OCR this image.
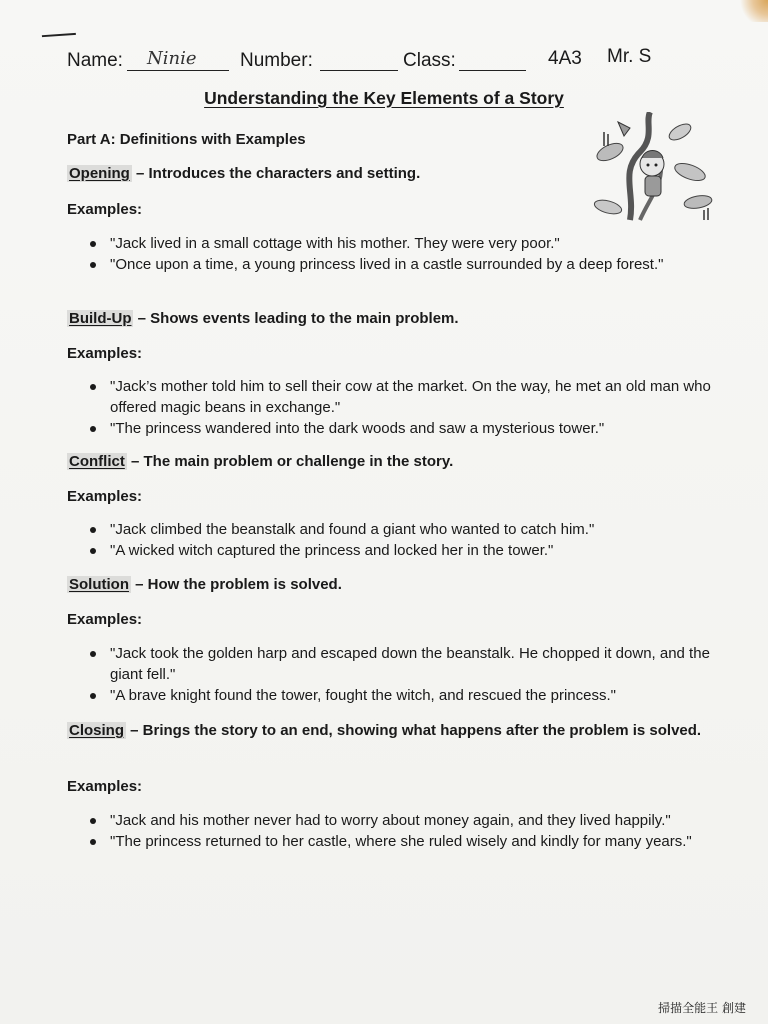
Name: Ninie Number:	Class:	4A3 Mr. S
Understanding the Key Elements of a Story
Part A: Definitions with Examples
Opening – Introduces the characters and setting.
Examples:
"Jack lived in a small cottage with his mother. They were very poor."
"Once upon a time, a young princess lived in a castle surrounded by a deep forest."
Build-Up – Shows events leading to the main problem.
Examples:
"Jack’s mother told him to sell their cow at the market. On the way, he met an old man who offered magic beans in exchange."
"The princess wandered into the dark woods and saw a mysterious tower."
Conflict – The main problem or challenge in the story.
Examples:
"Jack climbed the beanstalk and found a giant who wanted to catch him."
"A wicked witch captured the princess and locked her in the tower."
Solution – How the problem is solved.
Examples:
"Jack took the golden harp and escaped down the beanstalk. He chopped it down, and the giant fell."
"A brave knight found the tower, fought the witch, and rescued the princess."
Closing – Brings the story to an end, showing what happens after the problem is solved.
Examples:
"Jack and his mother never had to worry about money again, and they lived happily."
"The princess returned to her castle, where she ruled wisely and kindly for many years."
掃描全能王 創建
